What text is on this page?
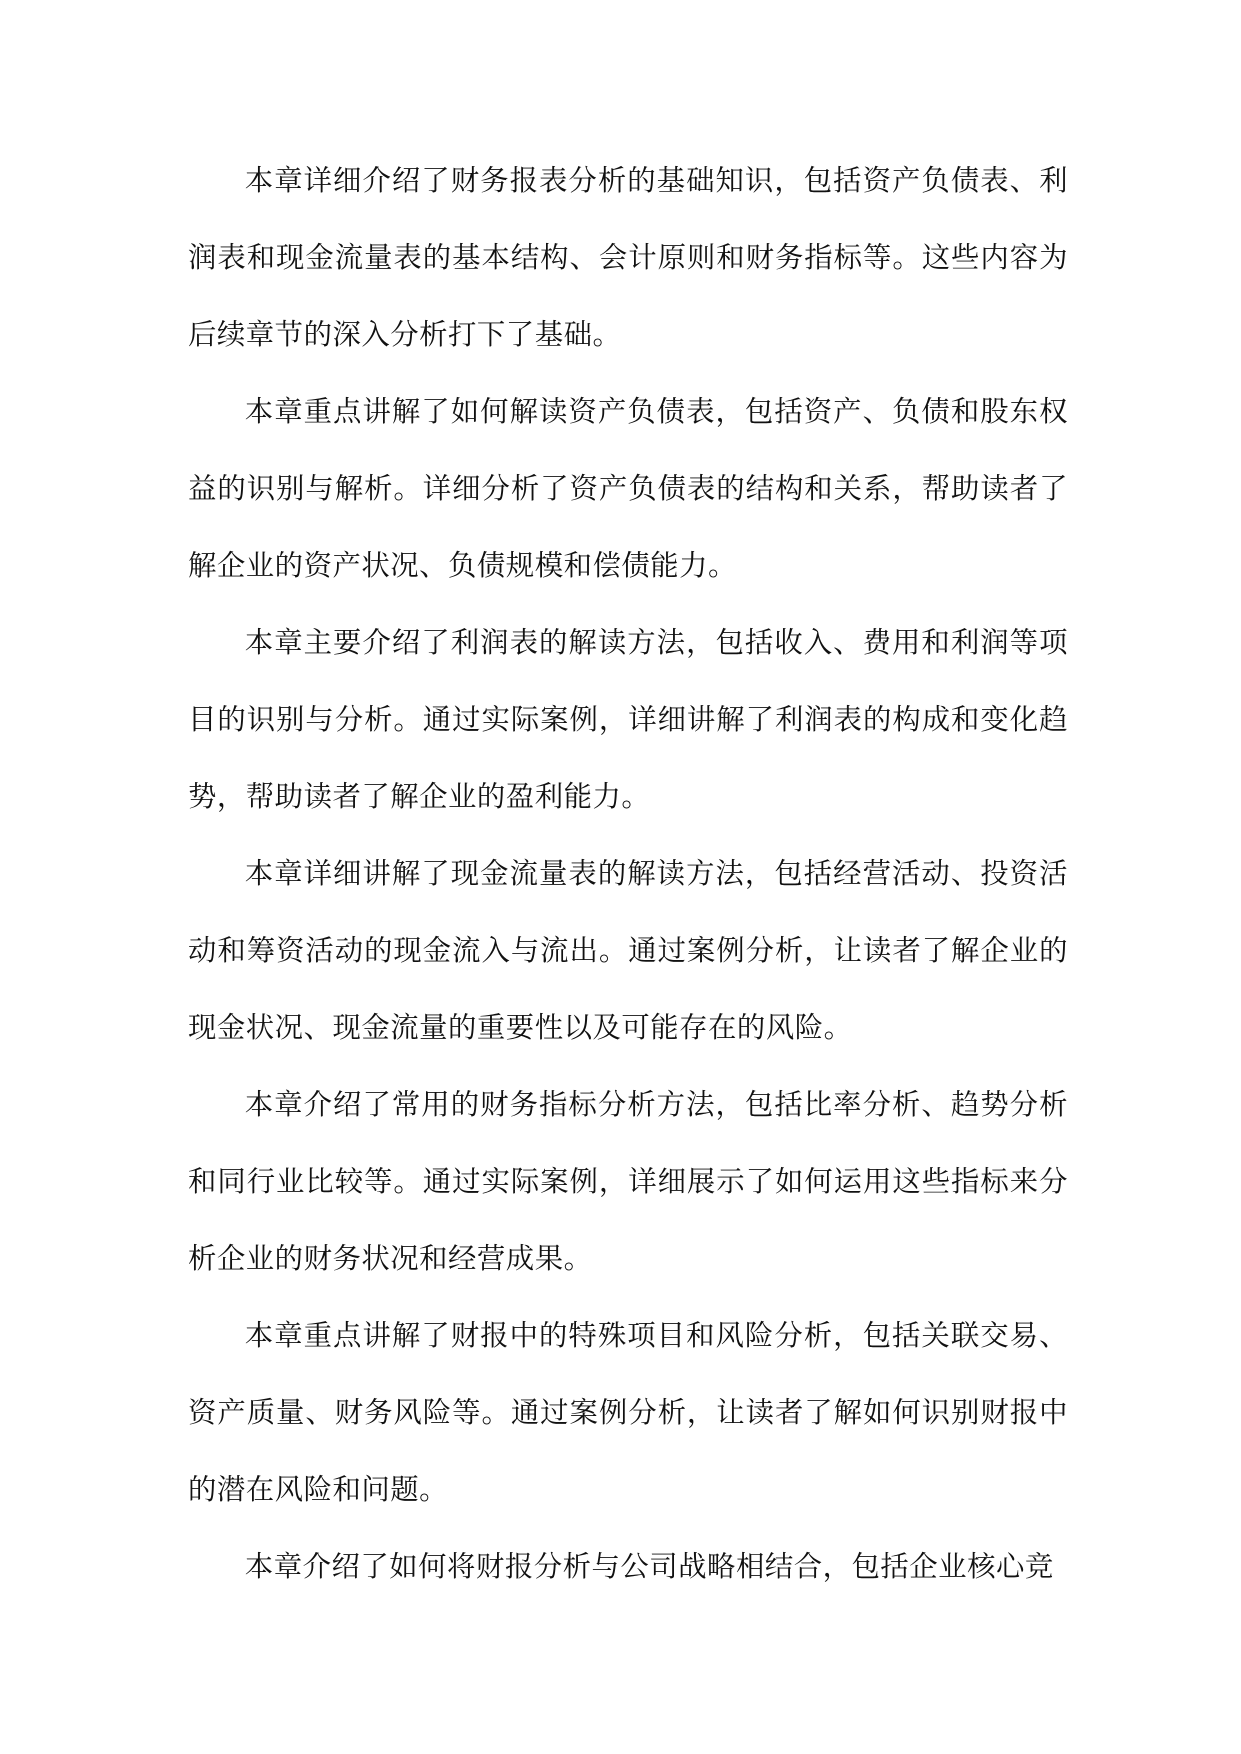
本章详细介绍了财务报表分析的基础知识，包括资产负债表、利润表和现金流量表的基本结构、会计原则和财务指标等。这些内容为后续章节的深入分析打下了基础。

本章重点讲解了如何解读资产负债表，包括资产、负债和股东权益的识别与解析。详细分析了资产负债表的结构和关系，帮助读者了解企业的资产状况、负债规模和偿债能力。

本章主要介绍了利润表的解读方法，包括收入、费用和利润等项目的识别与分析。通过实际案例，详细讲解了利润表的构成和变化趋势，帮助读者了解企业的盈利能力。

本章详细讲解了现金流量表的解读方法，包括经营活动、投资活动和筹资活动的现金流入与流出。通过案例分析，让读者了解企业的现金状况、现金流量的重要性以及可能存在的风险。

本章介绍了常用的财务指标分析方法，包括比率分析、趋势分析和同行业比较等。通过实际案例，详细展示了如何运用这些指标来分析企业的财务状况和经营成果。

本章重点讲解了财报中的特殊项目和风险分析，包括关联交易、资产质量、财务风险等。通过案例分析，让读者了解如何识别财报中的潜在风险和问题。

本章介绍了如何将财报分析与公司战略相结合，包括企业核心竞
